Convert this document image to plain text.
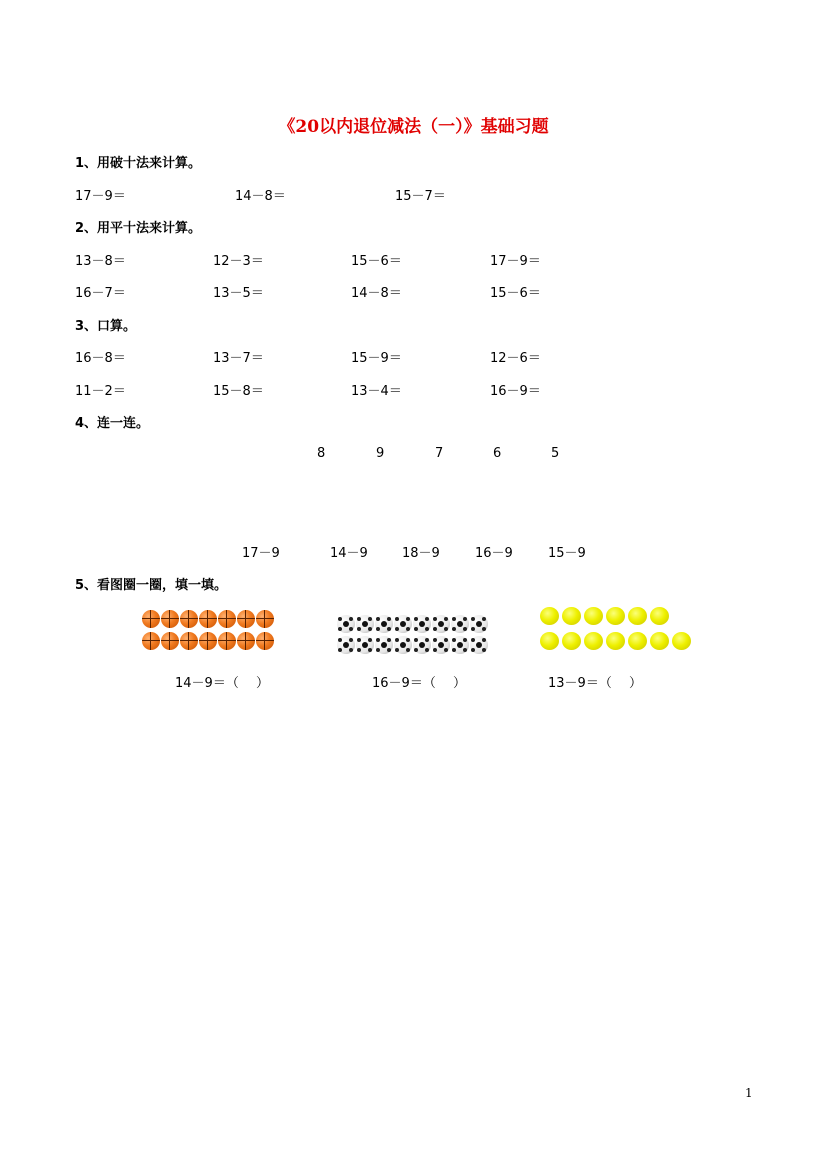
《20以内退位减法（一）》基础习题
1、用破十法来计算。
17－9＝	14－8＝	15－7＝
2、用平十法来计算。
13－8＝	12－3＝	15－6＝	17－9＝
16－7＝	13－5＝	14－8＝	15－6＝
3、口算。
16－8＝	13－7＝	15－9＝	12－6＝
11－2＝	15－8＝	13－4＝	16－9＝
4、连一连。
8	9	7	6	5
17－9	14－9	18－9	16－9	15－9
5、看图圈一圈，填一填。
14－9＝（　 ）	16－9＝（　 ）	13－9＝（　 ）
1
